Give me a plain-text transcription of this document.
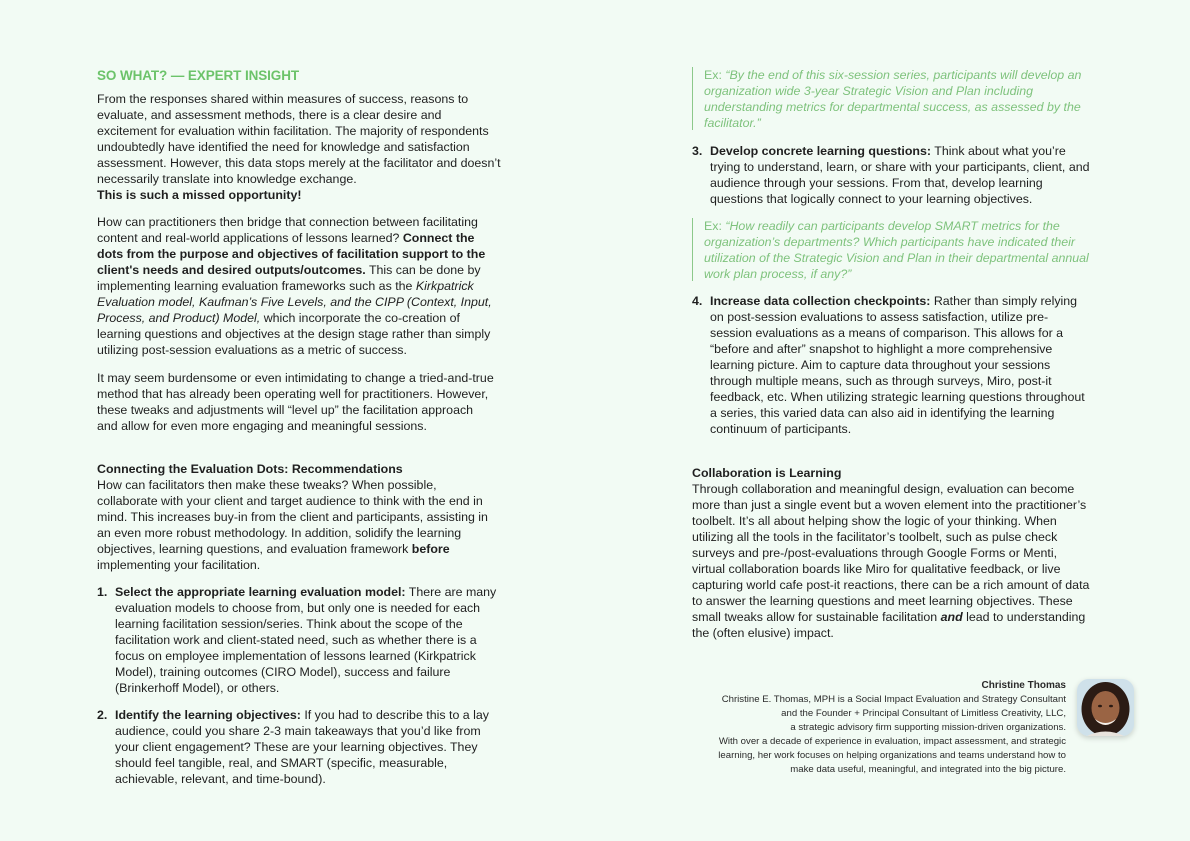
SO WHAT? — EXPERT INSIGHT
From the responses shared within measures of success, reasons to evaluate, and assessment methods, there is a clear desire and excitement for evaluation within facilitation. The majority of respondents undoubtedly have identified the need for knowledge and satisfaction assessment. However, this data stops merely at the facilitator and doesn’t necessarily translate into knowledge exchange.
This is such a missed opportunity!
How can practitioners then bridge that connection between facilitating content and real-world applications of lessons learned? Connect the dots from the purpose and objectives of facilitation support to the client's needs and desired outputs/outcomes. This can be done by implementing learning evaluation frameworks such as the Kirkpatrick Evaluation model, Kaufman’s Five Levels, and the CIPP (Context, Input, Process, and Product) Model, which incorporate the co-creation of learning questions and objectives at the design stage rather than simply utilizing post-session evaluations as a metric of success.
It may seem burdensome or even intimidating to change a tried-and-true method that has already been operating well for practitioners. However, these tweaks and adjustments will “level up” the facilitation approach and allow for even more engaging and meaningful sessions.
Connecting the Evaluation Dots: Recommendations
How can facilitators then make these tweaks? When possible, collaborate with your client and target audience to think with the end in mind. This increases buy-in from the client and participants, assisting in an even more robust methodology. In addition, solidify the learning objectives, learning questions, and evaluation framework before implementing your facilitation.
1. Select the appropriate learning evaluation model: There are many evaluation models to choose from, but only one is needed for each learning facilitation session/series. Think about the scope of the facilitation work and client-stated need, such as whether there is a focus on employee implementation of lessons learned (Kirkpatrick Model), training outcomes (CIRO Model), success and failure (Brinkerhoff Model), or others.
2. Identify the learning objectives: If you had to describe this to a lay audience, could you share 2-3 main takeaways that you’d like from your client engagement? These are your learning objectives. They should feel tangible, real, and SMART (specific, measurable, achievable, relevant, and time-bound).
Ex: “By the end of this six-session series, participants will develop an organization wide 3-year Strategic Vision and Plan including understanding metrics for departmental success, as assessed by the facilitator.”
3. Develop concrete learning questions: Think about what you’re trying to understand, learn, or share with your participants, client, and audience through your sessions. From that, develop learning questions that logically connect to your learning objectives.
Ex: “How readily can participants develop SMART metrics for the organization’s departments? Which participants have indicated their utilization of the Strategic Vision and Plan in their departmental annual work plan process, if any?”
4. Increase data collection checkpoints: Rather than simply relying on post-session evaluations to assess satisfaction, utilize pre-session evaluations as a means of comparison. This allows for a “before and after” snapshot to highlight a more comprehensive learning picture. Aim to capture data throughout your sessions through multiple means, such as through surveys, Miro, post-it feedback, etc. When utilizing strategic learning questions throughout a series, this varied data can also aid in identifying the learning continuum of participants.
Collaboration is Learning
Through collaboration and meaningful design, evaluation can become more than just a single event but a woven element into the practitioner’s toolbelt. It’s all about helping show the logic of your thinking. When utilizing all the tools in the facilitator’s toolbelt, such as pulse check surveys and pre-/post-evaluations through Google Forms or Menti, virtual collaboration boards like Miro for qualitative feedback, or live capturing world cafe post-it reactions, there can be a rich amount of data to answer the learning questions and meet learning objectives. These small tweaks allow for sustainable facilitation and lead to understanding the (often elusive) impact.
Christine Thomas
Christine E. Thomas, MPH is a Social Impact Evaluation and Strategy Consultant
and the Founder + Principal Consultant of Limitless Creativity, LLC,
a strategic advisory firm supporting mission-driven organizations.
With over a decade of experience in evaluation, impact assessment, and strategic
learning, her work focuses on helping organizations and teams understand how to
make data useful, meaningful, and integrated into the big picture.
